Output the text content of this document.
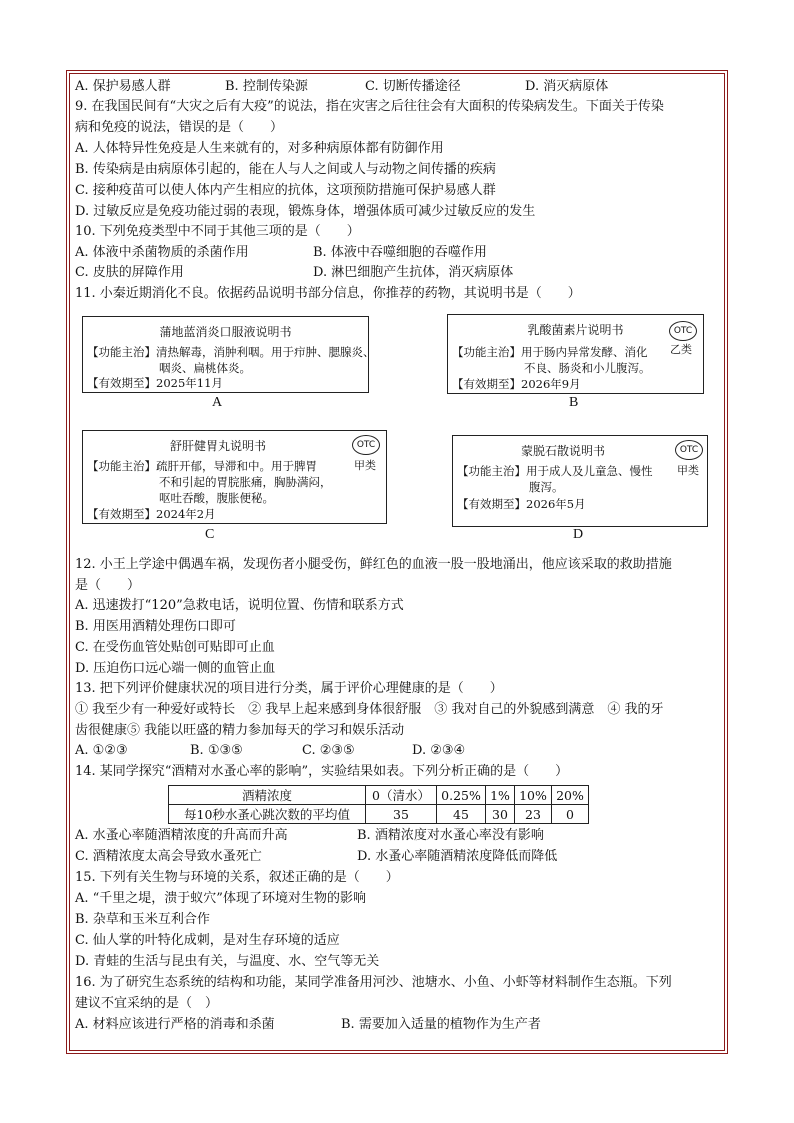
A. 保护易感人群	B. 控制传染源	C. 切断传播途径	D. 消灭病原体
9. 在我国民间有“大灾之后有大疫”的说法，指在灾害之后往往会有大面积的传染病发生。下面关于传染
病和免疫的说法，错误的是（　　）
A. 人体特异性免疫是人生来就有的，对多种病原体都有防御作用
B. 传染病是由病原体引起的，能在人与人之间或人与动物之间传播的疾病
C. 接种疫苗可以使人体内产生相应的抗体，这项预防措施可保护易感人群
D. 过敏反应是免疫功能过弱的表现，锻炼身体，增强体质可减少过敏反应的发生
10. 下列免疫类型中不同于其他三项的是（　　）
A. 体液中杀菌物质的杀菌作用	B. 体液中吞噬细胞的吞噬作用
C. 皮肤的屏障作用	D. 淋巴细胞产生抗体，消灭病原体
11. 小秦近期消化不良。依据药品说明书部分信息，你推荐的药物，其说明书是（　　）
蒲地蓝消炎口服液说明书
【功能主治】清热解毒，消肿利咽。用于疖肿、腮腺炎、
咽炎、扁桃体炎。
【有效期至】2025年11月
A
乳酸菌素片说明书	OTC
乙类
【功能主治】用于肠内异常发酵、消化
不良、肠炎和小儿腹泻。
【有效期至】2026年9月
B
舒肝健胃丸说明书	OTC
甲类
【功能主治】疏肝开郁，导滞和中。用于脾胃
不和引起的胃脘胀痛，胸胁满闷，
呕吐吞酸，腹胀便秘。
【有效期至】2024年2月
C
蒙脱石散说明书	OTC
甲类
【功能主治】用于成人及儿童急、慢性
腹泻。
【有效期至】2026年5月
D
12. 小王上学途中偶遇车祸，发现伤者小腿受伤，鲜红色的血液一股一股地涌出，他应该采取的救助措施
是（　　）
A. 迅速拨打“120”急救电话，说明位置、伤情和联系方式
B. 用医用酒精处理伤口即可
C. 在受伤血管处贴创可贴即可止血
D. 压迫伤口远心端一侧的血管止血
13. 把下列评价健康状况的项目进行分类，属于评价心理健康的是（　　）
① 我至少有一种爱好或特长　② 我早上起来感到身体很舒服　③ 我对自己的外貌感到满意　④ 我的牙
齿很健康⑤ 我能以旺盛的精力参加每天的学习和娱乐活动
A. ①②③	B. ①③⑤	C. ②③⑤	D. ②③④
14. 某同学探究“酒精对水蚤心率的影响”，实验结果如表。下列分析正确的是（　　）
酒精浓度	0（清水）	0.25%	1%	10%	20%
每10秒水蚤心跳次数的平均值	35	45	30	23	0
A. 水蚤心率随酒精浓度的升高而升高	B. 酒精浓度对水蚤心率没有影响
C. 酒精浓度太高会导致水蚤死亡	D. 水蚤心率随酒精浓度降低而降低
15. 下列有关生物与环境的关系，叙述正确的是（　　）
A. “千里之堤，溃于蚁穴”体现了环境对生物的影响
B. 杂草和玉米互利合作
C. 仙人掌的叶特化成刺，是对生存环境的适应
D. 青蛙的生活与昆虫有关，与温度、水、空气等无关
16. 为了研究生态系统的结构和功能，某同学准备用河沙、池塘水、小鱼、小虾等材料制作生态瓶。下列
建议不宜采纳的是（　）
A. 材料应该进行严格的消毒和杀菌	B. 需要加入适量的植物作为生产者
